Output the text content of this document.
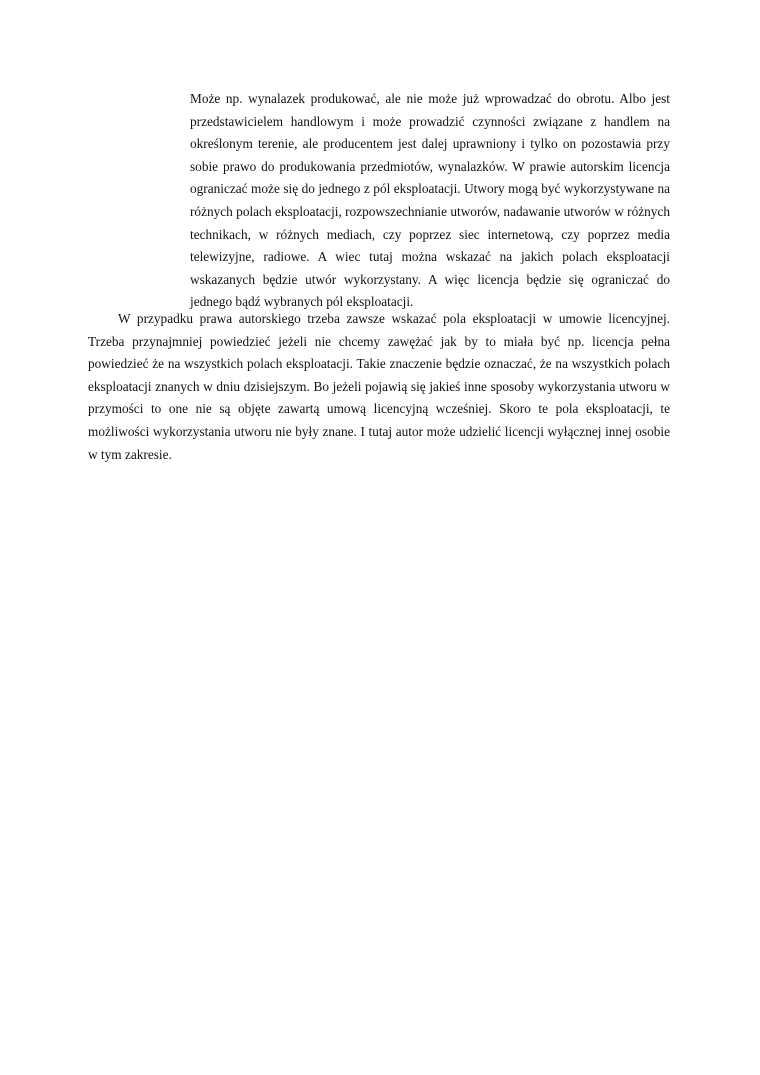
Może np. wynalazek produkować, ale nie może już wprowadzać do obrotu. Albo jest przedstawicielem handlowym i może prowadzić czynności związane z handlem na określonym terenie, ale producentem jest dalej uprawniony i tylko on pozostawia przy sobie prawo do produkowania przedmiotów, wynalazków. W prawie autorskim licencja ograniczać może się do jednego z pól eksploatacji. Utwory mogą być wykorzystywane na różnych polach eksploatacji, rozpowszechnianie utworów, nadawanie utworów w różnych technikach, w różnych mediach, czy poprzez siec internetową, czy poprzez media telewizyjne, radiowe. A wiec tutaj można wskazać na jakich polach eksploatacji wskazanych będzie utwór wykorzystany. A więc licencja będzie się ograniczać do jednego bądź wybranych pól eksploatacji.

W przypadku prawa autorskiego trzeba zawsze wskazać pola eksploatacji w umowie licencyjnej. Trzeba przynajmniej powiedzieć jeżeli nie chcemy zawężać jak by to miała być np. licencja pełna powiedzieć że na wszystkich polach eksploatacji. Takie znaczenie będzie oznaczać, że na wszystkich polach eksploatacji znanych w dniu dzisiejszym. Bo jeżeli pojawią się jakieś inne sposoby wykorzystania utworu w przymości to one nie są objęte zawartą umową licencyjną wcześniej. Skoro te pola eksploatacji, te możliwości wykorzystania utworu nie były znane. I tutaj autor może udzielić licencji wyłącznej innej osobie w tym zakresie.
